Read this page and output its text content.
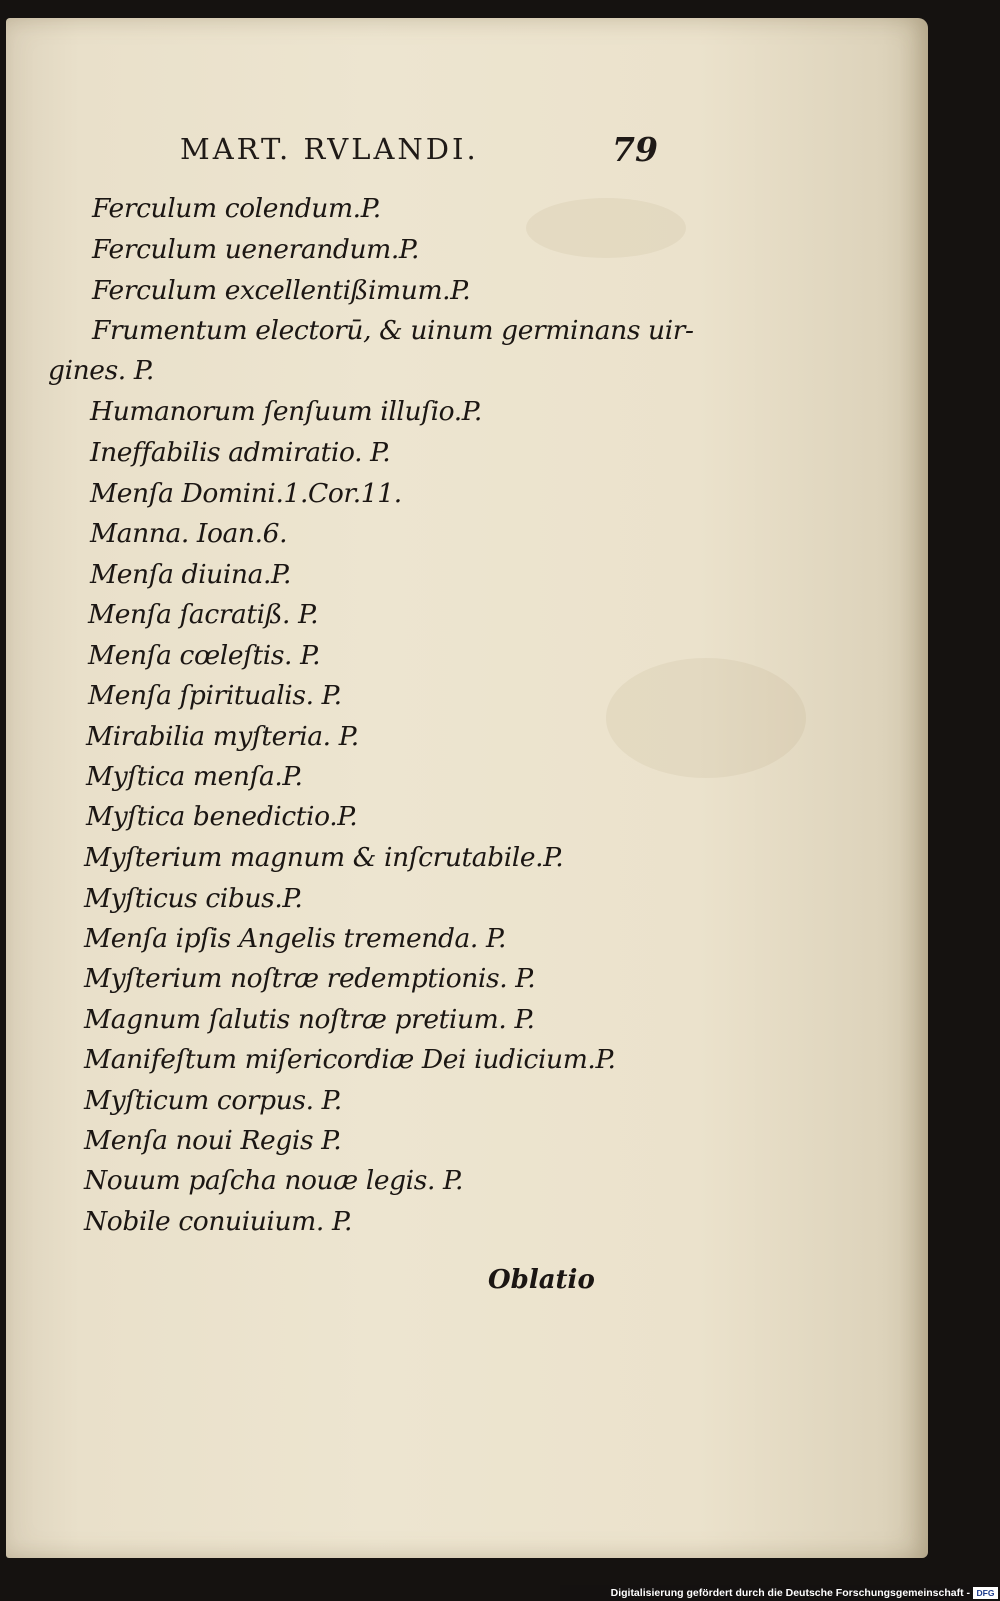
MART. RVLANDI.	79
Ferculum colendum.P.
Ferculum uenerandum.P.
Ferculum excellentißimum.P.
Frumentum electorū, & uinum germinans uir-
gines. P.
Humanorum ſenſuum illuſio.P.
Ineffabilis admiratio. P.
Menſa Domini.1.Cor.11.
Manna. Ioan.6.
Menſa diuina.P.
Menſa ſacratiß. P.
Menſa cœleſtis. P.
Menſa ſpiritualis. P.
Mirabilia myſteria. P.
Myſtica menſa.P.
Myſtica benedictio.P.
Myſterium magnum & inſcrutabile.P.
Myſticus cibus.P.
Menſa ipſis Angelis tremenda. P.
Myſterium noſtræ redemptionis. P.
Magnum ſalutis noſtræ pretium. P.
Manifeſtum miſericordiæ Dei iudicium.P.
Myſticum corpus. P.
Menſa noui Regis P.
Nouum paſcha nouæ legis. P.
Nobile conuiuium. P.
Oblatio
Digitalisierung gefördert durch die Deutsche Forschungsgemeinschaft - DFG
